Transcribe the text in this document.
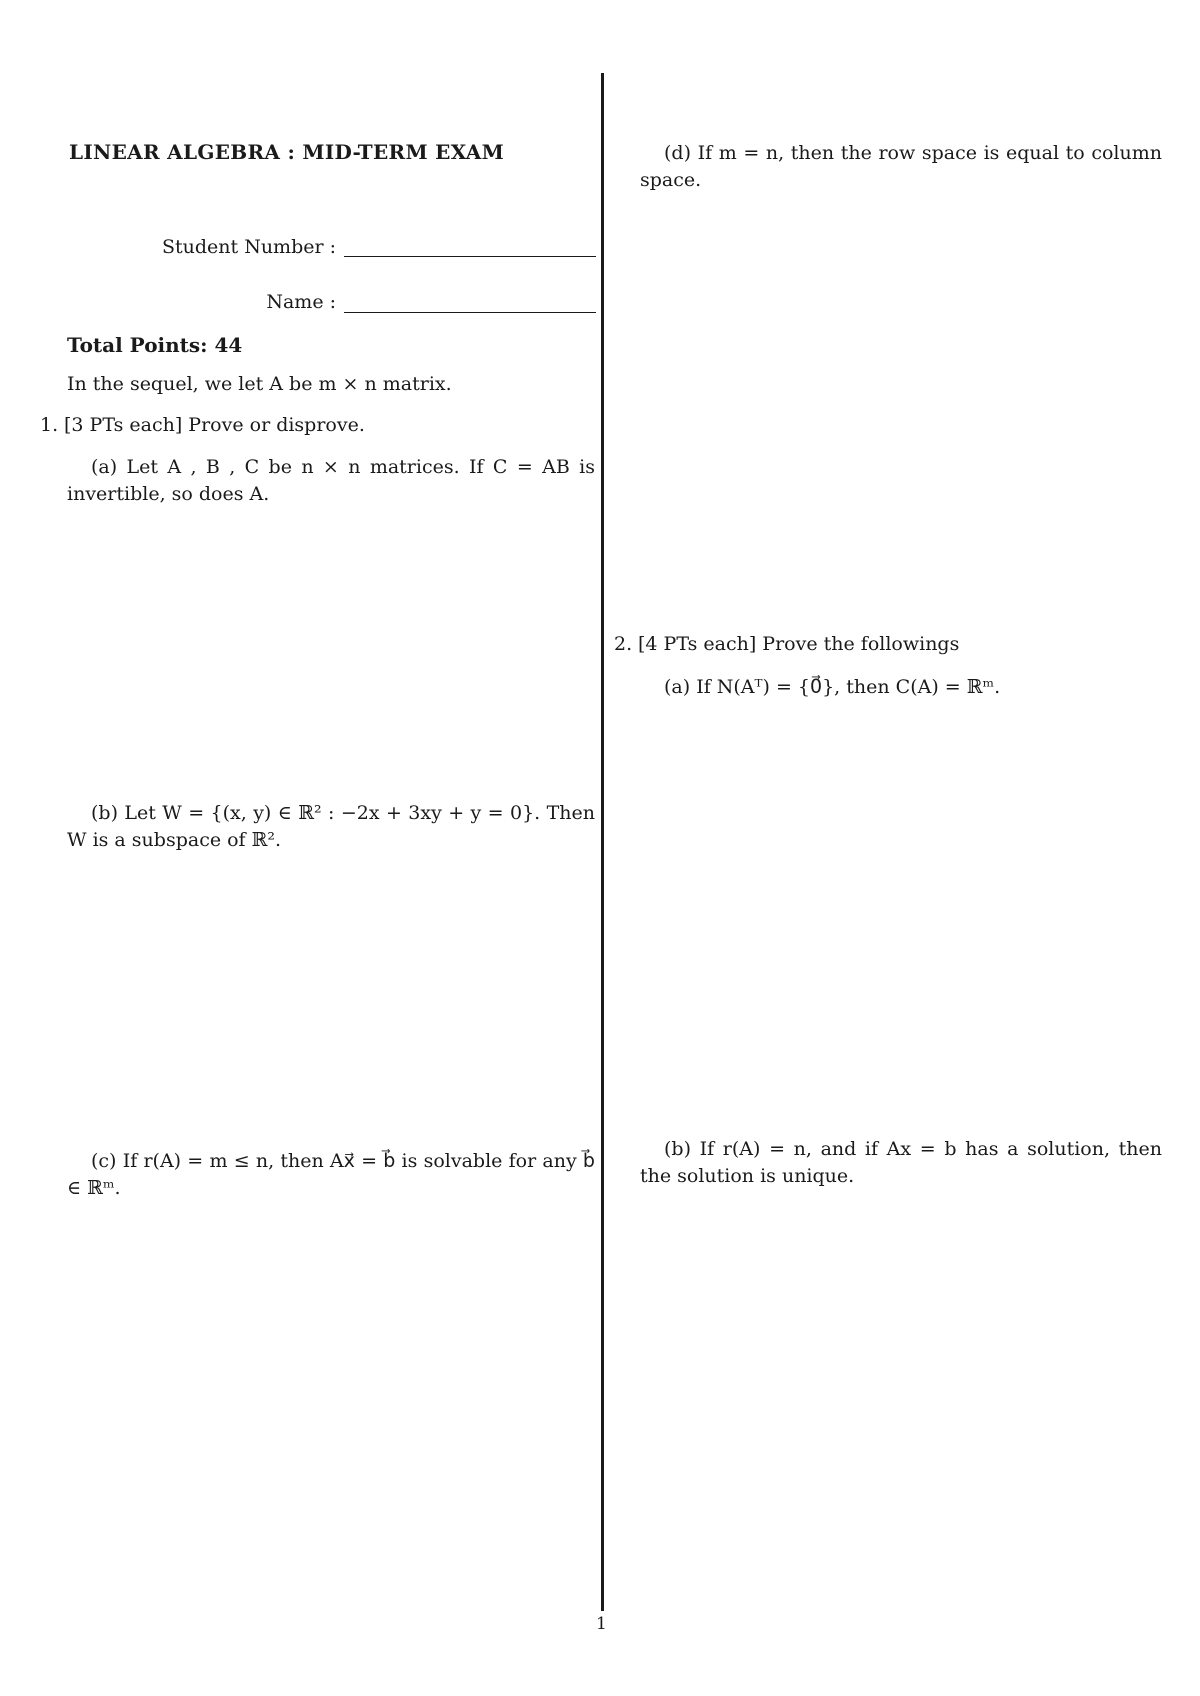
LINEAR ALGEBRA : MID-TERM EXAM
Student Number :
Name :
Total Points: 44
In the sequel, we let A be m × n matrix.
1. [3 PTs each] Prove or disprove.
(a) Let A , B , C be n × n matrices. If C = AB is invertible, so does A.
(b) Let W = {(x, y) ∈ ℝ² : −2x + 3xy + y = 0}. Then W is a subspace of ℝ².
(c) If r(A) = m ≤ n, then Ax⃗ = b⃗ is solvable for any b⃗ ∈ ℝᵐ.
(d) If m = n, then the row space is equal to column space.
2. [4 PTs each] Prove the followings
(a) If N(Aᵀ) = {0⃗}, then C(A) = ℝᵐ.
(b) If r(A) = n, and if Ax = b has a solution, then the solution is unique.
1
